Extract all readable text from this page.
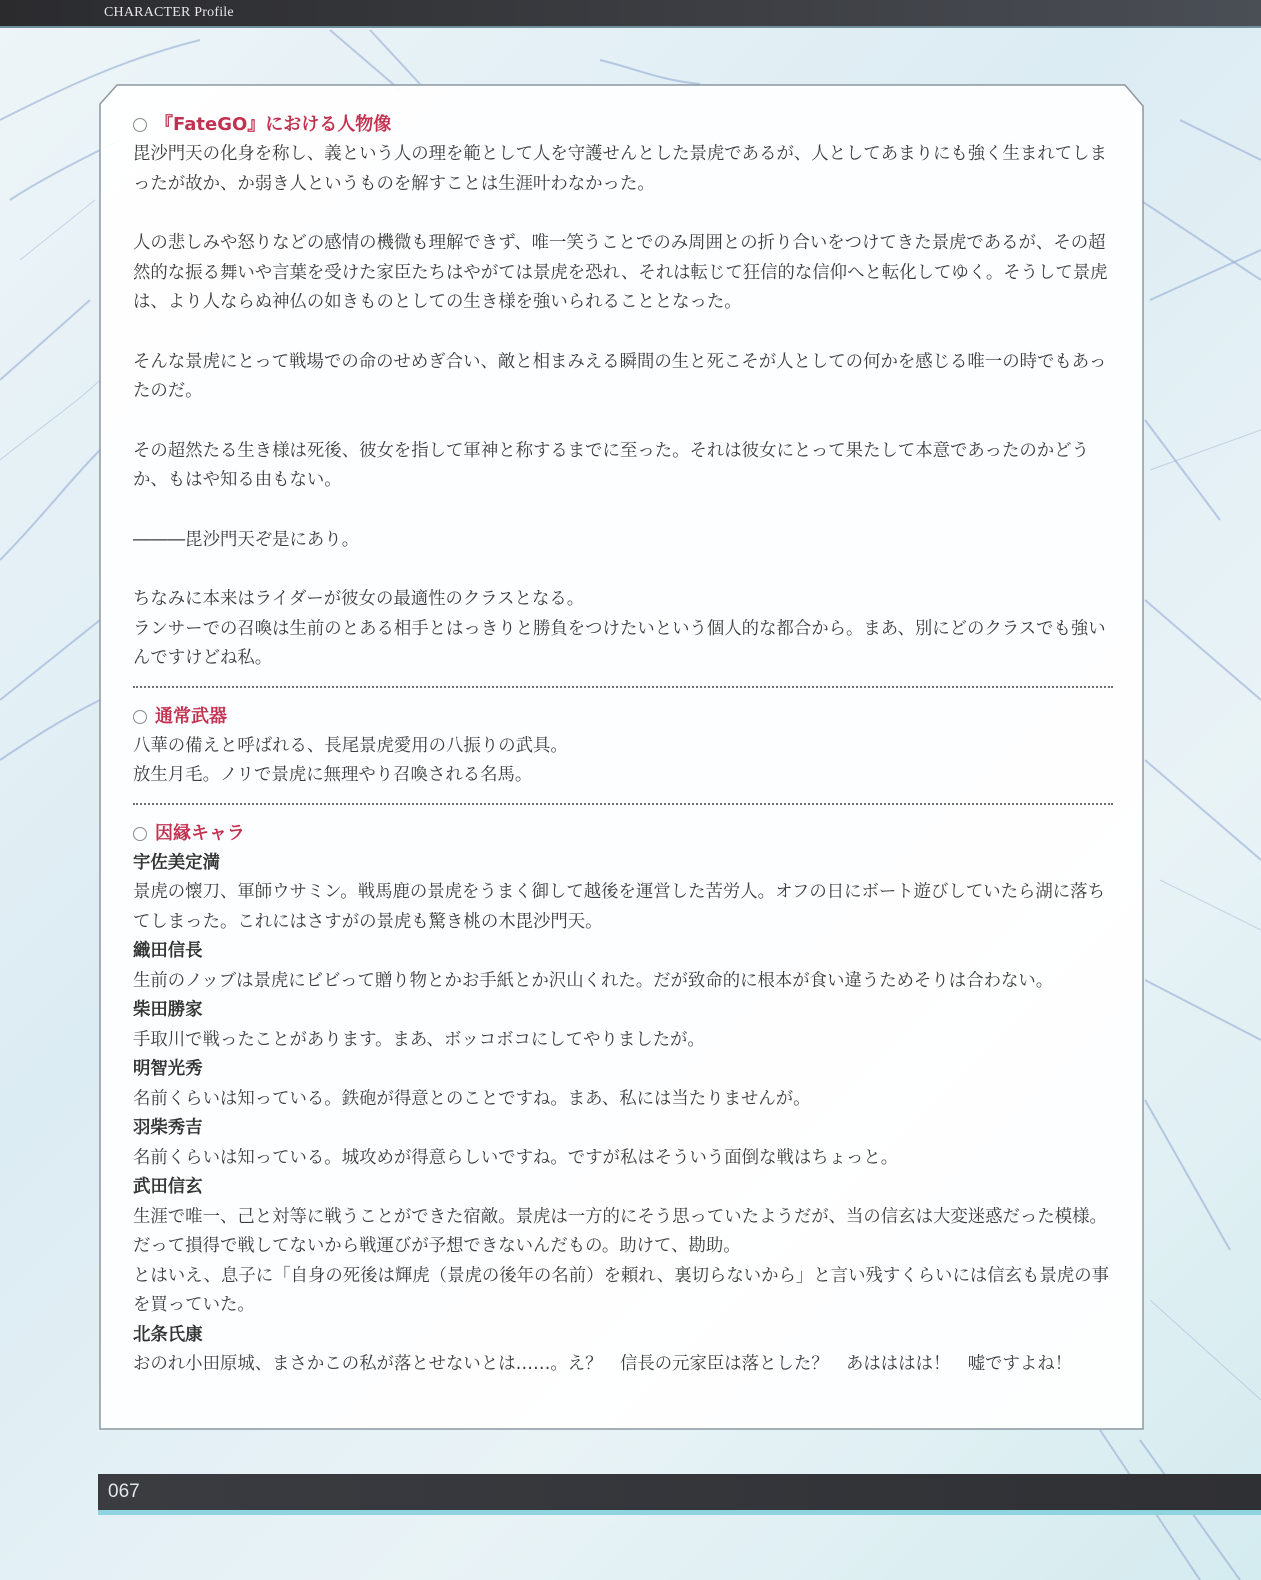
CHARACTER Profile
『FateGO』における人物像

毘沙門天の化身を称し、義という人の理を範として人を守護せんとした景虎であるが、人としてあまりにも強く生まれてしまったが故か、か弱き人というものを解すことは生涯叶わなかった。

人の悲しみや怒りなどの感情の機微も理解できず、唯一笑うことでのみ周囲との折り合いをつけてきた景虎であるが、その超然的な振る舞いや言葉を受けた家臣たちはやがては景虎を恐れ、それは転じて狂信的な信仰へと転化してゆく。そうして景虎は、より人ならぬ神仏の如きものとしての生き様を強いられることとなった。

そんな景虎にとって戦場での命のせめぎ合い、敵と相まみえる瞬間の生と死こそが人としての何かを感じる唯一の時でもあったのだ。

その超然たる生き様は死後、彼女を指して軍神と称するまでに至った。それは彼女にとって果たして本意であったのかどうか、もはや知る由もない。

―――毘沙門天ぞ是にあり。

ちなみに本来はライダーが彼女の最適性のクラスとなる。

ランサーでの召喚は生前のとある相手とはっきりと勝負をつけたいという個人的な都合から。まあ、別にどのクラスでも強いんですけどね私。

通常武器

八華の備えと呼ばれる、長尾景虎愛用の八振りの武具。

放生月毛。ノリで景虎に無理やり召喚される名馬。

因縁キャラ

宇佐美定満

景虎の懐刀、軍師ウサミン。戦馬鹿の景虎をうまく御して越後を運営した苦労人。オフの日にボート遊びしていたら湖に落ちてしまった。これにはさすがの景虎も驚き桃の木毘沙門天。

織田信長

生前のノッブは景虎にビビって贈り物とかお手紙とか沢山くれた。だが致命的に根本が食い違うためそりは合わない。

柴田勝家

手取川で戦ったことがあります。まあ、ボッコボコにしてやりましたが。

明智光秀

名前くらいは知っている。鉄砲が得意とのことですね。まあ、私には当たりませんが。

羽柴秀吉

名前くらいは知っている。城攻めが得意らしいですね。ですが私はそういう面倒な戦はちょっと。

武田信玄

生涯で唯一、己と対等に戦うことができた宿敵。景虎は一方的にそう思っていたようだが、当の信玄は大変迷惑だった模様。だって損得で戦してないから戦運びが予想できないんだもの。助けて、勘助。

とはいえ、息子に「自身の死後は輝虎（景虎の後年の名前）を頼れ、裏切らないから」と言い残すくらいには信玄も景虎の事を買っていた。

北条氏康

おのれ小田原城、まさかこの私が落とせないとは……。え？　信長の元家臣は落とした？　あはははは！　嘘ですよね！

067
